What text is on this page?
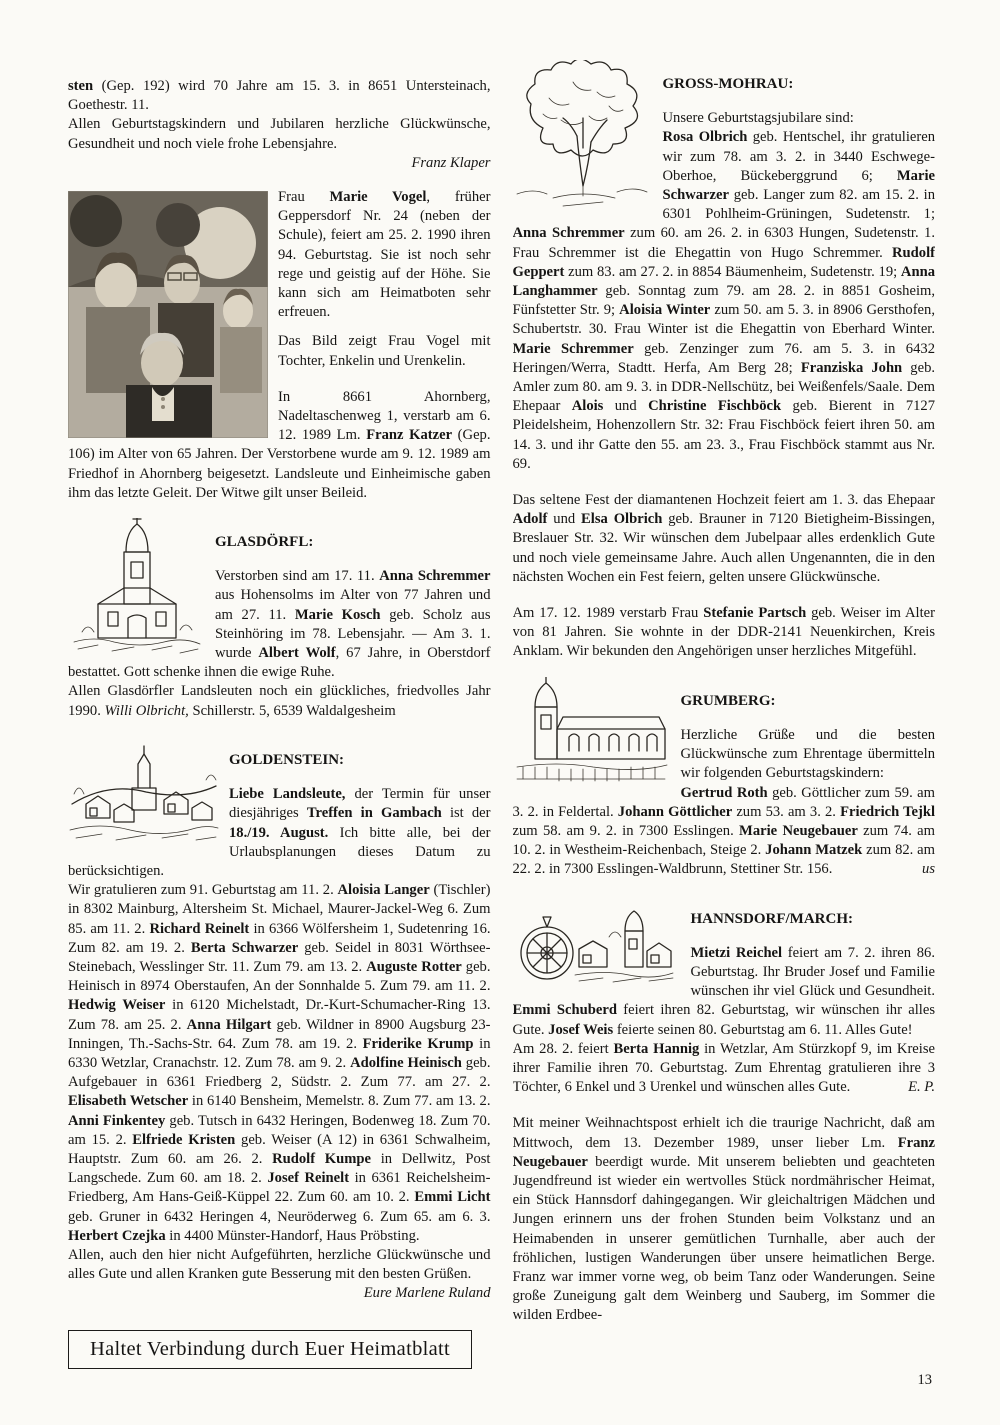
sten (Gep. 192) wird 70 Jahre am 15. 3. in 8651 Untersteinach, Goethestr. 11.

Allen Geburtstagskindern und Jubilaren herzliche Glückwünsche, Gesundheit und noch viele frohe Lebensjahre.

Franz Klaper

Frau Marie Vogel, früher Geppersdorf Nr. 24 (neben der Schule), feiert am 25. 2. 1990 ihren 94. Geburtstag. Sie ist noch sehr rege und geistig auf der Höhe. Sie kann sich am Heimatboten sehr erfreuen.

Das Bild zeigt Frau Vogel mit Tochter, Enkelin und Urenkelin.

In 8661 Ahornberg, Nadeltaschenweg 1, verstarb am 6. 12. 1989 Lm. Franz Katzer (Gep. 106) im Alter von 65 Jahren. Der Verstorbene wurde am 9. 12. 1989 am Friedhof in Ahornberg beigesetzt. Landsleute und Einheimische gaben ihm das letzte Geleit. Der Witwe gilt unser Beileid.

GLASDÖRFL:

Verstorben sind am 17. 11. Anna Schremmer aus Hohensolms im Alter von 77 Jahren und am 27. 11. Marie Kosch geb. Scholz aus Steinhöring im 78. Lebensjahr. — Am 3. 1. wurde Albert Wolf, 67 Jahre, in Oberstdorf bestattet. Gott schenke ihnen die ewige Ruhe.

Allen Glasdörfler Landsleuten noch ein glückliches, friedvolles Jahr 1990. Willi Olbricht, Schillerstr. 5, 6539 Waldalgesheim

GOLDENSTEIN:

Liebe Landsleute, der Termin für unser diesjähriges Treffen in Gambach ist der 18./19. August. Ich bitte alle, bei der Urlaubsplanungen dieses Datum zu berücksichtigen.

Wir gratulieren zum 91. Geburtstag am 11. 2. Aloisia Langer (Tischler) in 8302 Mainburg, Altersheim St. Michael, Maurer-Jackel-Weg 6. Zum 85. am 11. 2. Richard Reinelt in 6366 Wölfersheim 1, Sudetenring 16. Zum 82. am 19. 2. Berta Schwarzer geb. Seidel in 8031 Wörthsee-Steinebach, Wesslinger Str. 11. Zum 79. am 13. 2. Auguste Rotter geb. Heinisch in 8974 Oberstaufen, An der Sonnhalde 5. Zum 79. am 11. 2. Hedwig Weiser in 6120 Michelstadt, Dr.-Kurt-Schumacher-Ring 13. Zum 78. am 25. 2. Anna Hilgart geb. Wildner in 8900 Augsburg 23-Inningen, Th.-Sachs-Str. 64. Zum 78. am 19. 2. Friderike Krump in 6330 Wetzlar, Cranachstr. 12. Zum 78. am 9. 2. Adolfine Heinisch geb. Aufgebauer in 6361 Friedberg 2, Südstr. 2. Zum 77. am 27. 2. Elisabeth Wetscher in 6140 Bensheim, Memelstr. 8. Zum 77. am 13. 2. Anni Finkentey geb. Tutsch in 6432 Heringen, Bodenweg 18. Zum 70. am 15. 2. Elfriede Kristen geb. Weiser (A 12) in 6361 Schwalheim, Hauptstr. Zum 60. am 26. 2. Rudolf Kumpe in Dellwitz, Post Langschede. Zum 60. am 18. 2. Josef Reinelt in 6361 Reichelsheim-Friedberg, Am Hans-Geiß-Küppel 22. Zum 60. am 10. 2. Emmi Licht geb. Gruner in 6432 Heringen 4, Neuröderweg 6. Zum 65. am 6. 3. Herbert Czejka in 4400 Münster-Handorf, Haus Pröbsting.

Allen, auch den hier nicht Aufgeführten, herzliche Glückwünsche und alles Gute und allen Kranken gute Besserung mit den besten Grüßen.
Eure Marlene Ruland

Haltet Verbindung durch Euer Heimatblatt
GROSS-MOHRAU:

Unsere Geburtstagsjubilare sind:

Rosa Olbrich geb. Hentschel, ihr gratulieren wir zum 78. am 3. 2. in 3440 Eschwege-Oberhoe, Bückeberggrund 6; Marie Schwarzer geb. Langer zum 82. am 15. 2. in 6301 Pohlheim-Grüningen, Sudetenstr. 1; Anna Schremmer zum 60. am 26. 2. in 6303 Hungen, Sudetenstr. 1. Frau Schremmer ist die Ehegattin von Hugo Schremmer. Rudolf Geppert zum 83. am 27. 2. in 8854 Bäumenheim, Sudetenstr. 19; Anna Langhammer geb. Sonntag zum 79. am 28. 2. in 8851 Gosheim, Fünfstetter Str. 9; Aloisia Winter zum 50. am 5. 3. in 8906 Gersthofen, Schubertstr. 30. Frau Winter ist die Ehegattin von Eberhard Winter. Marie Schremmer geb. Zenzinger zum 76. am 5. 3. in 6432 Heringen/Werra, Stadtt. Herfa, Am Berg 28; Franziska John geb. Amler zum 80. am 9. 3. in DDR-Nellschütz, bei Weißenfels/Saale. Dem Ehepaar Alois und Christine Fischböck geb. Bierent in 7127 Pleidelsheim, Hohenzollern Str. 32: Frau Fischböck feiert ihren 50. am 14. 3. und ihr Gatte den 55. am 23. 3., Frau Fischböck stammt aus Nr. 69.

Das seltene Fest der diamantenen Hochzeit feiert am 1. 3. das Ehepaar Adolf und Elsa Olbrich geb. Brauner in 7120 Bietigheim-Bissingen, Breslauer Str. 32. Wir wünschen dem Jubelpaar alles erdenklich Gute und noch viele gemeinsame Jahre. Auch allen Ungenannten, die in den nächsten Wochen ein Fest feiern, gelten unsere Glückwünsche.

Am 17. 12. 1989 verstarb Frau Stefanie Partsch geb. Weiser im Alter von 81 Jahren. Sie wohnte in der DDR-2141 Neuenkirchen, Kreis Anklam. Wir bekunden den Angehörigen unser herzliches Mitgefühl.

GRUMBERG:

Herzliche Grüße und die besten Glückwünsche zum Ehrentage übermitteln wir folgenden Geburtstagskindern:

Gertrud Roth geb. Göttlicher zum 59. am 3. 2. in Feldertal. Johann Göttlicher zum 53. am 3. 2. Friedrich Tejkl zum 58. am 9. 2. in 7300 Esslingen. Marie Neugebauer zum 74. am 10. 2. in Westheim-Reichenbach, Steige 2. Johann Matzek zum 82. am 22. 2. in 7300 Esslingen-Waldbrunn, Stettiner Str. 156.	us

HANNSDORF/MARCH:

Mietzi Reichel feiert am 7. 2. ihren 86. Geburtstag. Ihr Bruder Josef und Familie wünschen ihr viel Glück und Gesundheit. Emmi Schuberd feiert ihren 82. Geburtstag, wir wünschen ihr alles Gute. Josef Weis feierte seinen 80. Geburtstag am 6. 11. Alles Gute!

Am 28. 2. feiert Berta Hannig in Wetzlar, Am Stürzkopf 9, im Kreise ihrer Familie ihren 70. Geburtstag. Zum Ehrentag gratulieren ihre 3 Töchter, 6 Enkel und 3 Urenkel und wünschen alles Gute.	E. P.

Mit meiner Weihnachtspost erhielt ich die traurige Nachricht, daß am Mittwoch, dem 13. Dezember 1989, unser lieber Lm. Franz Neugebauer beerdigt wurde. Mit unserem beliebten und geachteten Jugendfreund ist wieder ein wertvolles Stück nordmährischer Heimat, ein Stück Hannsdorf dahingegangen. Wir gleichaltrigen Mädchen und Jungen erinnern uns der frohen Stunden beim Volkstanz und an Heimabenden in unserer gemütlichen Turnhalle, aber auch der fröhlichen, lustigen Wanderungen über unsere heimatlichen Berge. Franz war immer vorne weg, ob beim Tanz oder Wanderungen. Seine große Zuneigung galt dem Weinberg und Sauberg, im Sommer die wilden Erdbee-

13
